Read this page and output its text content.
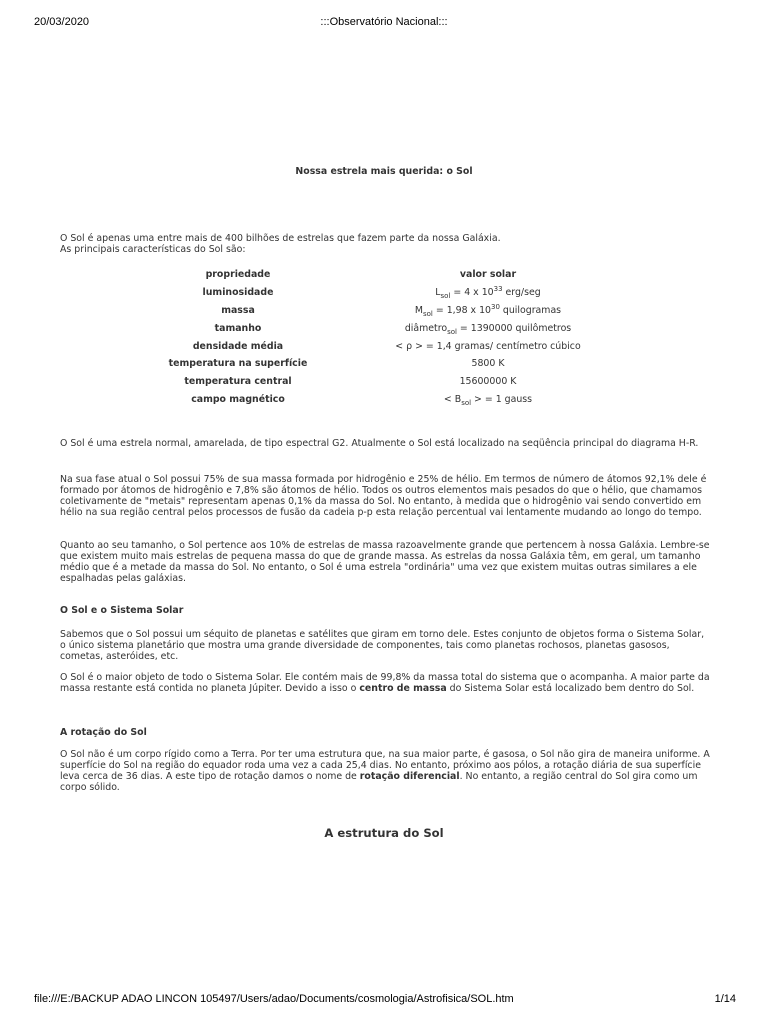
20/03/2020	:::Observatório Nacional:::
Nossa estrela mais querida: o Sol

O Sol é apenas uma entre mais de 400 bilhões de estrelas que fazem parte da nossa Galáxia.

As principais características do Sol são:

propriedade	valor solar
luminosidade	$L_{sol} = 4$ x $10^{33}$ erg/seg
massa	$M_{sol} = 1,98$ x $10^{30}$ quilogramas
tamanho	diâmetro$_{sol}$ = 1390000 quilômetros
densidade média	< ρ > = 1,4 gramas/ centímetro cúbico
temperatura na superfície	5800 K
temperatura central	15600000 K
campo magnético	< $B_{sol}$ > = 1 gauss

O Sol é uma estrela normal, amarelada, de tipo espectral G2. Atualmente o Sol está localizado na seqüência principal do diagrama H-R.

Na sua fase atual o Sol possui 75% de sua massa formada por hidrogênio e 25% de hélio. Em termos de número de átomos 92,1% dele é formado por átomos de hidrogênio e 7,8% são átomos de hélio. Todos os outros elementos mais pesados do que o hélio, que chamamos coletivamente de "metais" representam apenas 0,1% da massa do Sol. No entanto, à medida que o hidrogênio vai sendo convertido em hélio na sua região central pelos processos de fusão da cadeia p-p esta relação percentual vai lentamente mudando ao longo do tempo.

Quanto ao seu tamanho, o Sol pertence aos 10% de estrelas de massa razoavelmente grande que pertencem à nossa Galáxia. Lembre-se que existem muito mais estrelas de pequena massa do que de grande massa. As estrelas da nossa Galáxia têm, em geral, um tamanho médio que é a metade da massa do Sol. No entanto, o Sol é uma estrela "ordinária" uma vez que existem muitas outras similares a ele espalhadas pelas galáxias.

O Sol e o Sistema Solar

Sabemos que o Sol possui um séquito de planetas e satélites que giram em torno dele. Estes conjunto de objetos forma o Sistema Solar, o único sistema planetário que mostra uma grande diversidade de componentes, tais como planetas rochosos, planetas gasosos, cometas, asteróides, etc.

O Sol é o maior objeto de todo o Sistema Solar. Ele contém mais de 99,8% da massa total do sistema que o acompanha. A maior parte da massa restante está contida no planeta Júpiter. Devido a isso o centro de massa do Sistema Solar está localizado bem dentro do Sol.

A rotação do Sol

O Sol não é um corpo rígido como a Terra. Por ter uma estrutura que, na sua maior parte, é gasosa, o Sol não gira de maneira uniforme. A superfície do Sol na região do equador roda uma vez a cada 25,4 dias. No entanto, próximo aos pólos, a rotação diária de sua superfície leva cerca de 36 dias. A este tipo de rotação damos o nome de rotação diferencial. No entanto, a região central do Sol gira como um corpo sólido.

A estrutura do Sol
file:///E:/BACKUP ADAO LINCON 105497/Users/adao/Documents/cosmologia/Astrofisica/SOL.htm	1/14
